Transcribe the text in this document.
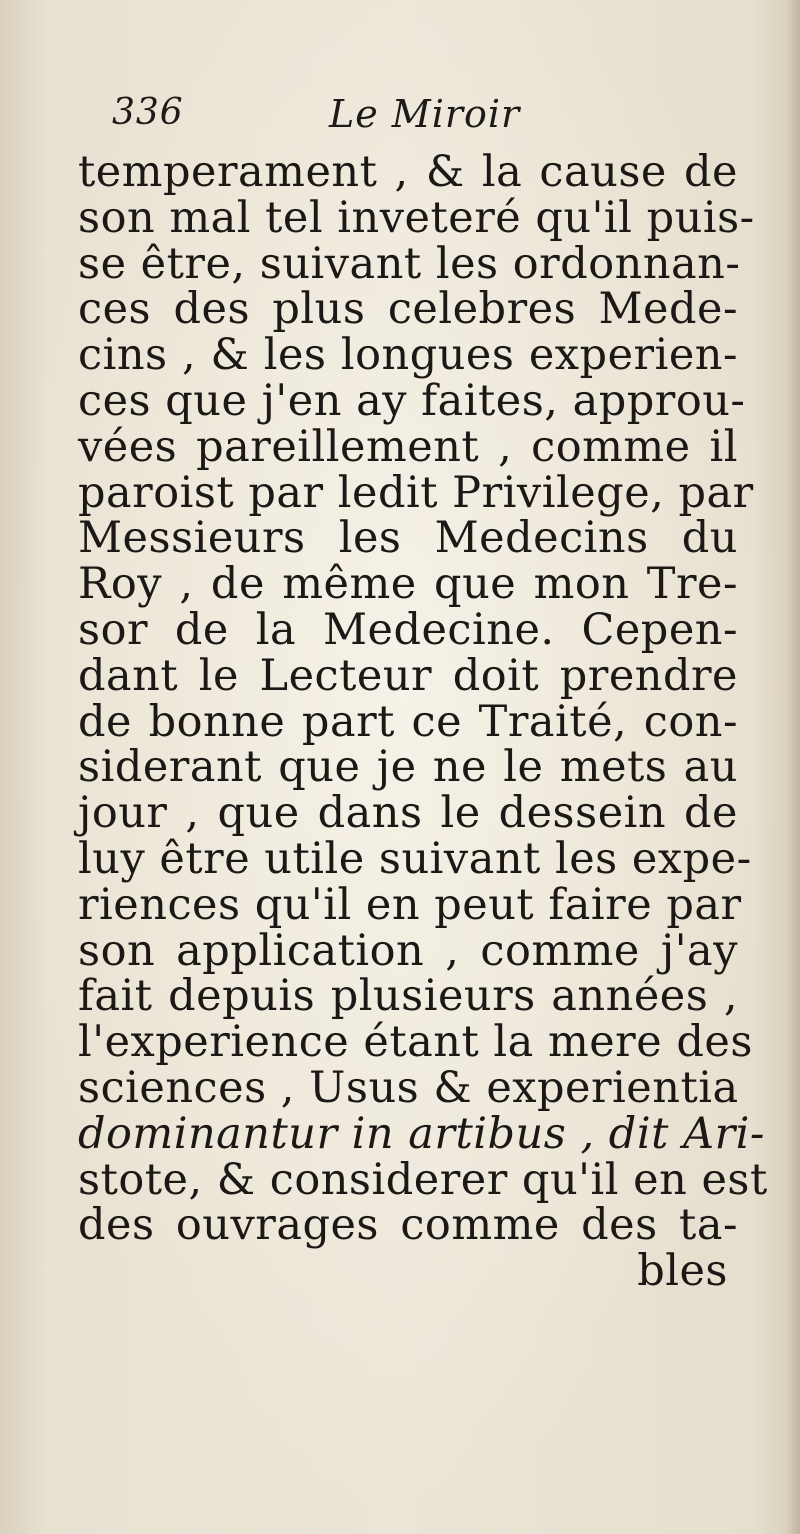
336	Le Miroir
temperament , & la cause de
son mal tel inveteré qu'il puis-
se être, suivant les ordonnan-
ces des plus celebres Mede-
cins , & les longues experien-
ces que j'en ay faites, approu-
vées pareillement , comme il
paroist par ledit Privilege, par
Messieurs les Medecins du
Roy , de même que mon Tre-
sor de la Medecine. Cepen-
dant le Lecteur doit prendre
de bonne part ce Traité, con-
siderant que je ne le mets au
jour , que dans le dessein de
luy être utile suivant les expe-
riences qu'il en peut faire par
son application , comme j'ay
fait depuis plusieurs années ,
l'experience étant la mere des
sciences , Usus & experientia
dominantur in artibus , dit Ari-
stote, & considerer qu'il en est
des ouvrages comme des ta-
bles
